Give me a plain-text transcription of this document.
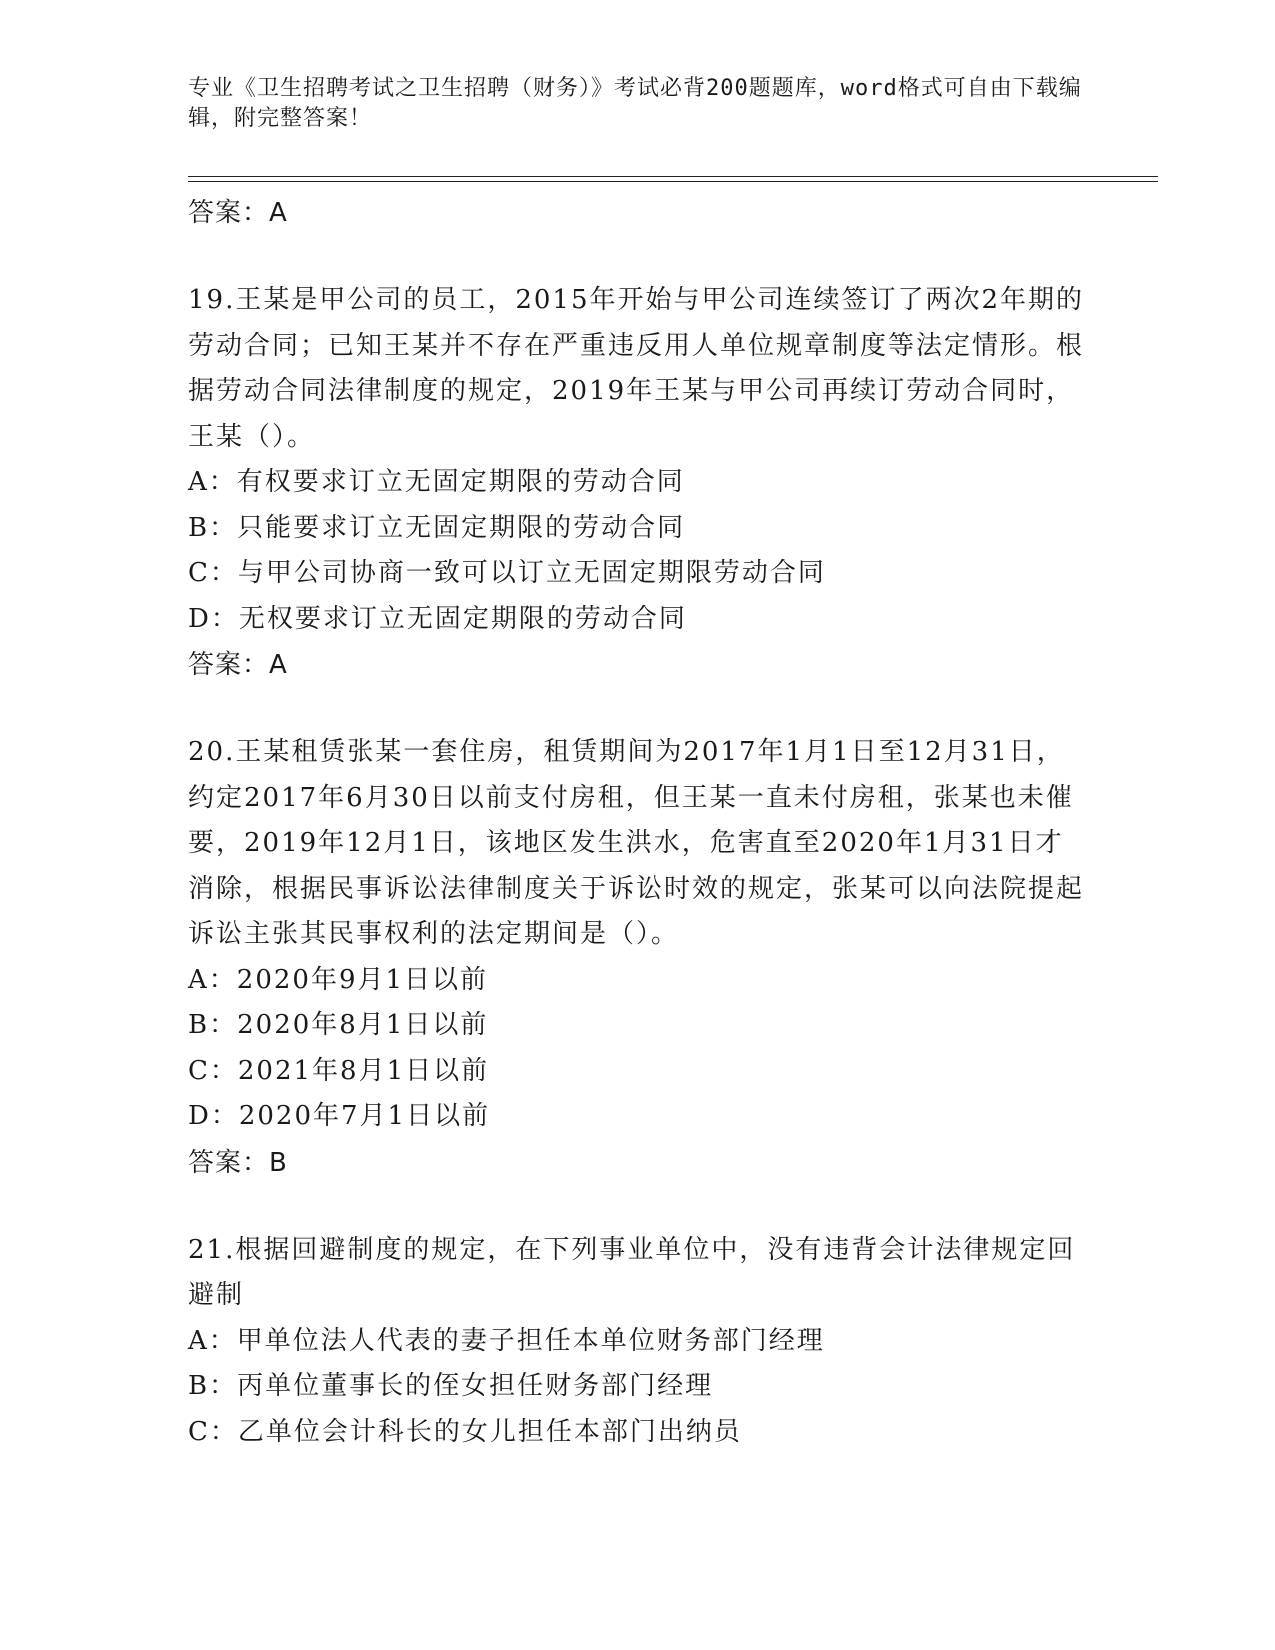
专业《卫生招聘考试之卫生招聘（财务）》考试必背200题题库，word格式可自由下载编辑，附完整答案！
答案：A
19.王某是甲公司的员工，2015年开始与甲公司连续签订了两次2年期的劳动合同；已知王某并不存在严重违反用人单位规章制度等法定情形。根据劳动合同法律制度的规定，2019年王某与甲公司再续订劳动合同时，王某（）。
A：有权要求订立无固定期限的劳动合同
B：只能要求订立无固定期限的劳动合同
C：与甲公司协商一致可以订立无固定期限劳动合同
D：无权要求订立无固定期限的劳动合同
答案：A
20.王某租赁张某一套住房，租赁期间为2017年1月1日至12月31日，约定2017年6月30日以前支付房租，但王某一直未付房租，张某也未催要，2019年12月1日，该地区发生洪水，危害直至2020年1月31日才消除，根据民事诉讼法律制度关于诉讼时效的规定，张某可以向法院提起诉讼主张其民事权利的法定期间是（）。
A：2020年9月1日以前
B：2020年8月1日以前
C：2021年8月1日以前
D：2020年7月1日以前
答案：B
21.根据回避制度的规定，在下列事业单位中，没有违背会计法律规定回避制
A：甲单位法人代表的妻子担任本单位财务部门经理
B：丙单位董事长的侄女担任财务部门经理
C：乙单位会计科长的女儿担任本部门出纳员
